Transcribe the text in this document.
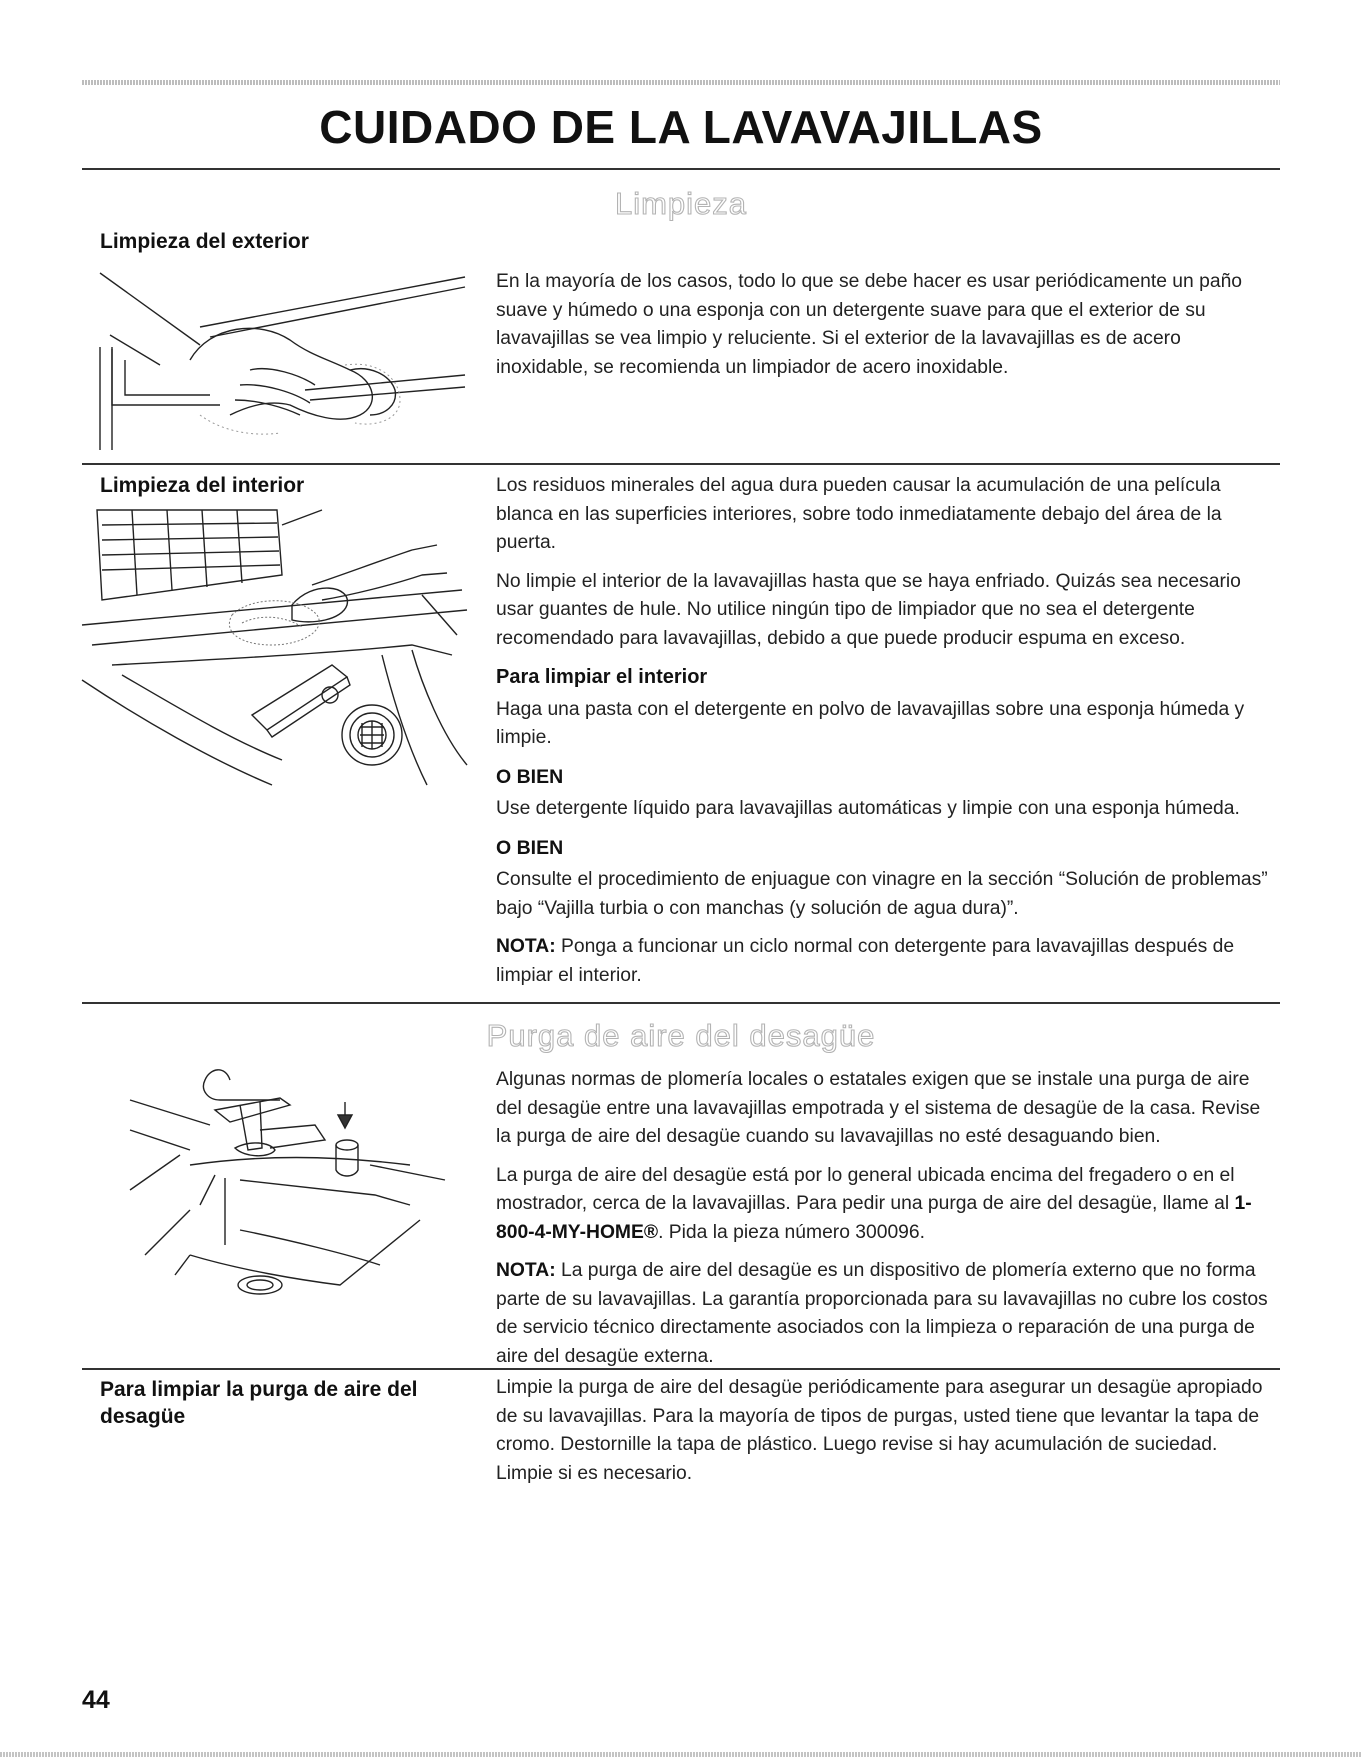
CUIDADO DE LA LAVAVAJILLAS
Limpieza
Limpieza del exterior
En la mayoría de los casos, todo lo que se debe hacer es usar periódicamente un paño suave y húmedo o una esponja con un detergente suave para que el exterior de su lavavajillas se vea limpio y reluciente. Si el exterior de la lavavajillas es de acero inoxidable, se recomienda un limpiador de acero inoxidable.
Limpieza del interior	Los residuos minerales del agua dura pueden causar la acumulación de una película blanca en las superficies interiores, sobre todo inmediatamente debajo del área de la puerta.

No limpie el interior de la lavavajillas hasta que se haya enfriado. Quizás sea necesario usar guantes de hule. No utilice ningún tipo de limpiador que no sea el detergente recomendado para lavavajillas, debido a que puede producir espuma en exceso.

Para limpiar el interior

Haga una pasta con el detergente en polvo de lavavajillas sobre una esponja húmeda y limpie.

O BIEN

Use detergente líquido para lavavajillas automáticas y limpie con una esponja húmeda.

O BIEN

Consulte el procedimiento de enjuague con vinagre en la sección “Solución de problemas” bajo “Vajilla turbia o con manchas (y solución de agua dura)”.

NOTA: Ponga a funcionar un ciclo normal con detergente para lavavajillas después de limpiar el interior.

Purga de aire del desagüe

Algunas normas de plomería locales o estatales exigen que se instale una purga de aire del desagüe entre una lavavajillas empotrada y el sistema de desagüe de la casa. Revise la purga de aire del desagüe cuando su lavavajillas no esté desaguando bien.

La purga de aire del desagüe está por lo general ubicada encima del fregadero o en el mostrador, cerca de la lavavajillas. Para pedir una purga de aire del desagüe, llame al 1-800-4-MY-HOME®. Pida la pieza número 300096.

NOTA: La purga de aire del desagüe es un dispositivo de plomería externo que no forma parte de su lavavajillas. La garantía proporcionada para su lavavajillas no cubre los costos de servicio técnico directamente asociados con la limpieza o reparación de una purga de aire del desagüe externa.

Para limpiar la purga de aire del desagüe
Limpie la purga de aire del desagüe periódicamente para asegurar un desagüe apropiado de su lavavajillas. Para la mayoría de tipos de purgas, usted tiene que levantar la tapa de cromo. Destornille la tapa de plástico. Luego revise si hay acumulación de suciedad. Limpie si es necesario.
44
